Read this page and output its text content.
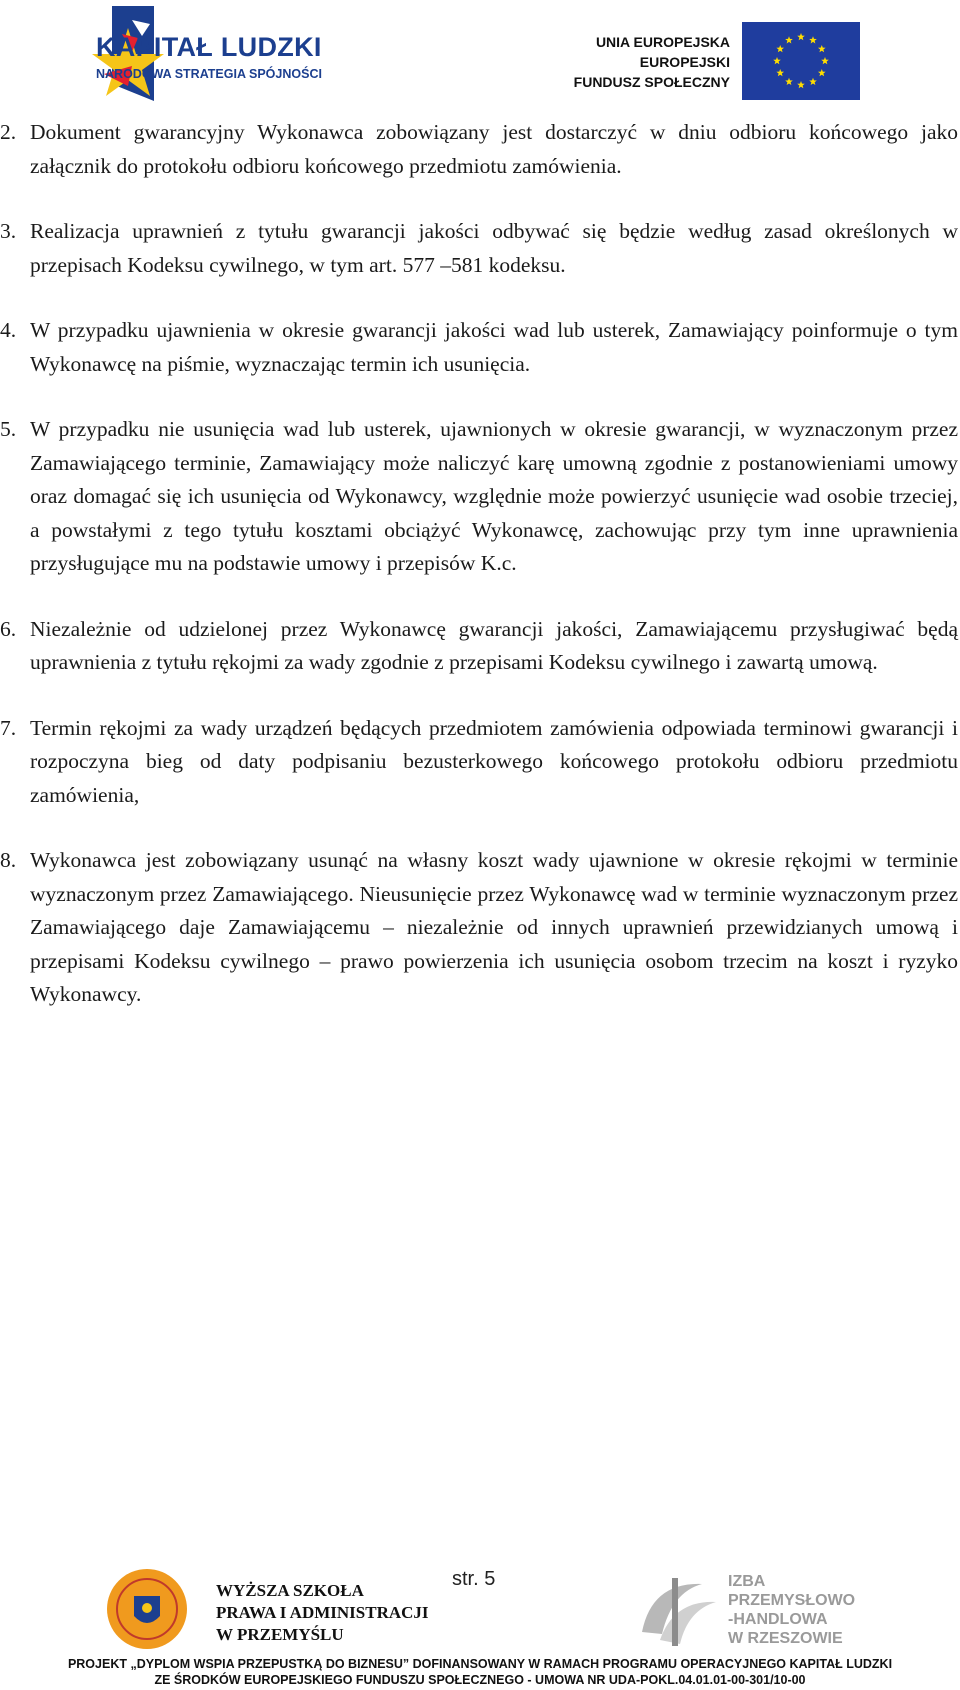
KAPITAŁ LUDZKI
NARODOWA STRATEGIA SPÓJNOŚCI
UNIA EUROPEJSKA
EUROPEJSKI
FUNDUSZ SPOŁECZNY
2. Dokument gwarancyjny Wykonawca zobowiązany jest dostarczyć w dniu odbioru końcowego jako załącznik do protokołu odbioru końcowego przedmiotu zamówienia.
3. Realizacja uprawnień z tytułu gwarancji jakości odbywać się będzie według zasad określonych w przepisach Kodeksu cywilnego, w tym art. 577 –581 kodeksu.
4. W przypadku ujawnienia w okresie gwarancji jakości wad lub usterek, Zamawiający poinformuje o tym Wykonawcę na piśmie, wyznaczając termin ich usunięcia.
5. W przypadku nie usunięcia wad lub usterek, ujawnionych w okresie gwarancji, w wyznaczonym przez Zamawiającego terminie, Zamawiający może naliczyć karę umowną zgodnie z postanowieniami umowy oraz domagać się ich usunięcia od Wykonawcy, względnie może powierzyć usunięcie wad osobie trzeciej, a powstałymi z tego tytułu kosztami obciążyć Wykonawcę, zachowując przy tym inne uprawnienia przysługujące mu na podstawie umowy i przepisów K.c.
6. Niezależnie od udzielonej przez Wykonawcę gwarancji jakości, Zamawiającemu przysługiwać będą uprawnienia z tytułu rękojmi za wady zgodnie z przepisami Kodeksu cywilnego i zawartą umową.
7. Termin rękojmi za wady urządzeń będących przedmiotem zamówienia odpowiada terminowi gwarancji i rozpoczyna bieg od daty podpisaniu bezusterkowego końcowego protokołu odbioru przedmiotu zamówienia,
8. Wykonawca jest zobowiązany usunąć na własny koszt wady ujawnione w okresie rękojmi w terminie wyznaczonym przez Zamawiającego. Nieusunięcie przez Wykonawcę wad w terminie wyznaczonym przez Zamawiającego daje Zamawiającemu – niezależnie od innych uprawnień przewidzianych umową i przepisami Kodeksu cywilnego – prawo powierzenia ich usunięcia osobom trzecim na koszt i ryzyko Wykonawcy.
str. 5
WYŻSZA SZKOŁA
PRAWA I ADMINISTRACJI
W PRZEMYŚLU
IZBA
PRZEMYSŁOWO
-HANDLOWA
W RZESZOWIE
PROJEKT „DYPLOM WSPIA PRZEPUSTKĄ DO BIZNESU” DOFINANSOWANY W RAMACH PROGRAMU OPERACYJNEGO KAPITAŁ LUDZKI
ZE ŚRODKÓW EUROPEJSKIEGO FUNDUSZU SPOŁECZNEGO - UMOWA NR UDA-POKL.04.01.01-00-301/10-00
